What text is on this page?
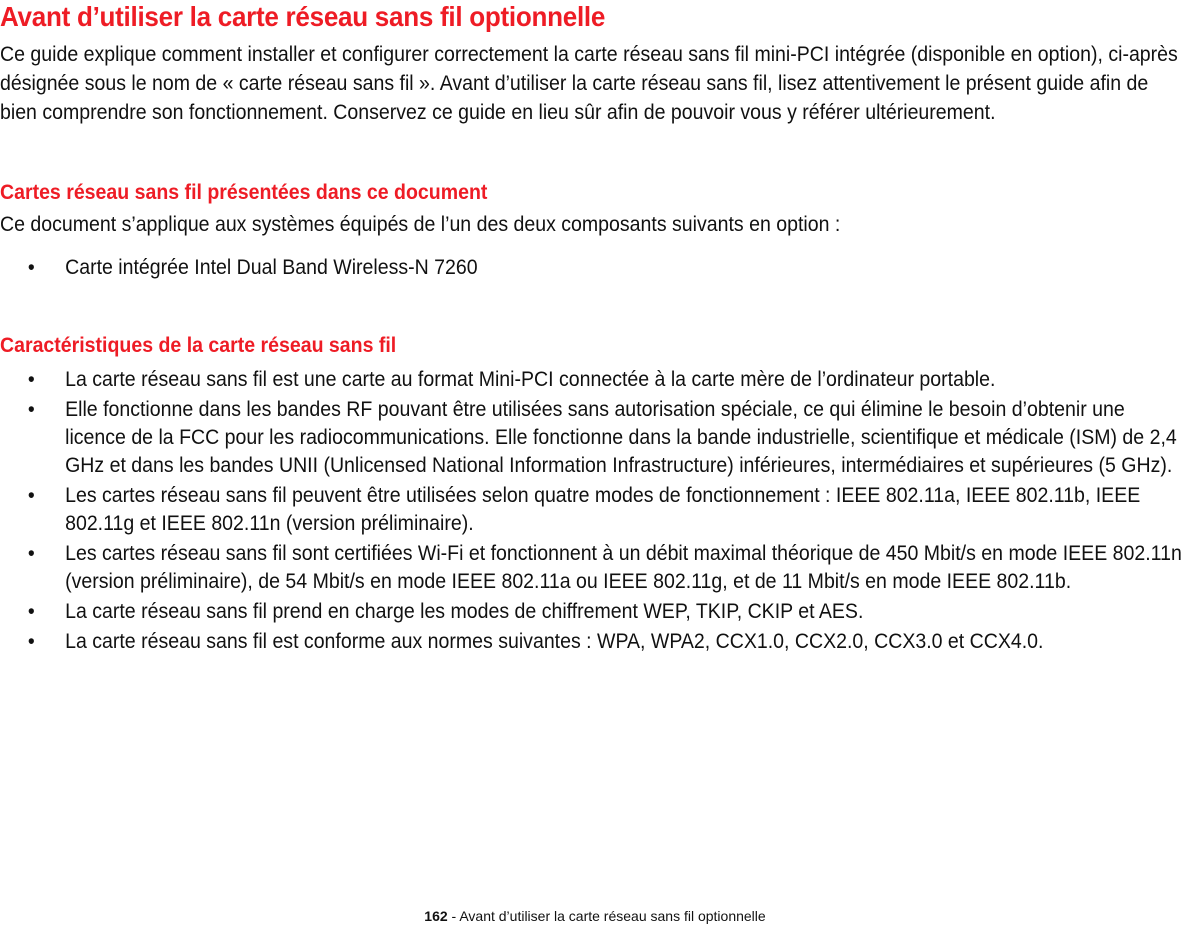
Avant d’utiliser la carte réseau sans fil optionnelle

Ce guide explique comment installer et configurer correctement la carte réseau sans fil mini-PCI intégrée (disponible en option), ci-après désignée sous le nom de « carte réseau sans fil ». Avant d’utiliser la carte réseau sans fil, lisez attentivement le présent guide afin de bien comprendre son fonctionnement. Conservez ce guide en lieu sûr afin de pouvoir vous y référer ultérieurement.

Cartes réseau sans fil présentées dans ce document

Ce document s’applique aux systèmes équipés de l’un des deux composants suivants en option :

• Carte intégrée Intel Dual Band Wireless-N 7260
Caractéristiques de la carte réseau sans fil
• La carte réseau sans fil est une carte au format Mini-PCI connectée à la carte mère de l’ordinateur portable.
• Elle fonctionne dans les bandes RF pouvant être utilisées sans autorisation spéciale, ce qui élimine le besoin d’obtenir une licence de la FCC pour les radiocommunications. Elle fonctionne dans la bande industrielle, scientifique et médicale (ISM) de 2,4 GHz et dans les bandes UNII (Unlicensed National Information Infrastructure) inférieures, intermédiaires et supérieures (5 GHz).
• Les cartes réseau sans fil peuvent être utilisées selon quatre modes de fonctionnement : IEEE 802.11a, IEEE 802.11b, IEEE 802.11g et IEEE 802.11n (version préliminaire).
• Les cartes réseau sans fil sont certifiées Wi-Fi et fonctionnent à un débit maximal théorique de 450 Mbit/s en mode IEEE 802.11n (version préliminaire), de 54 Mbit/s en mode IEEE 802.11a ou IEEE 802.11g, et de 11 Mbit/s en mode IEEE 802.11b.
• La carte réseau sans fil prend en charge les modes de chiffrement WEP, TKIP, CKIP et AES.
• La carte réseau sans fil est conforme aux normes suivantes : WPA, WPA2, CCX1.0, CCX2.0, CCX3.0 et CCX4.0.
162 - Avant d’utiliser la carte réseau sans fil optionnelle
